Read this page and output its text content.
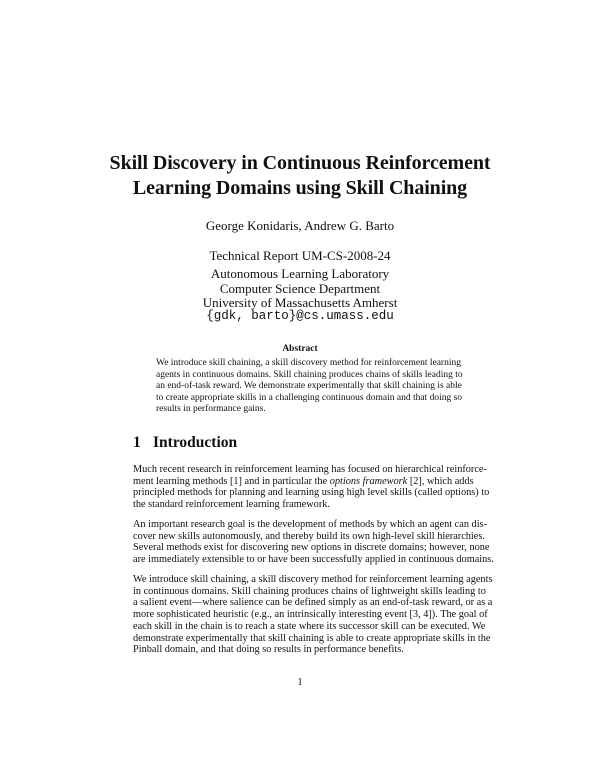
Skill Discovery in Continuous Reinforcement
Learning Domains using Skill Chaining
George Konidaris, Andrew G. Barto
Technical Report UM-CS-2008-24
Autonomous Learning Laboratory
Computer Science Department
University of Massachusetts Amherst
{gdk, barto}@cs.umass.edu
Abstract
We introduce skill chaining, a skill discovery method for reinforcement learning
agents in continuous domains. Skill chaining produces chains of skills leading to
an end-of-task reward. We demonstrate experimentally that skill chaining is able
to create appropriate skills in a challenging continuous domain and that doing so
results in performance gains.
1 Introduction
Much recent research in reinforcement learning has focused on hierarchical reinforce-
ment learning methods [1] and in particular the options framework [2], which adds
principled methods for planning and learning using high level skills (called options) to
the standard reinforcement learning framework.
An important research goal is the development of methods by which an agent can dis-
cover new skills autonomously, and thereby build its own high-level skill hierarchies.
Several methods exist for discovering new options in discrete domains; however, none
are immediately extensible to or have been successfully applied in continuous domains.
We introduce skill chaining, a skill discovery method for reinforcement learning agents
in continuous domains. Skill chaining produces chains of lightweight skills leading to
a salient event—where salience can be defined simply as an end-of-task reward, or as a
more sophisticated heuristic (e.g., an intrinsically interesting event [3, 4]). The goal of
each skill in the chain is to reach a state where its successor skill can be executed. We
demonstrate experimentally that skill chaining is able to create appropriate skills in the
Pinball domain, and that doing so results in performance benefits.
1
